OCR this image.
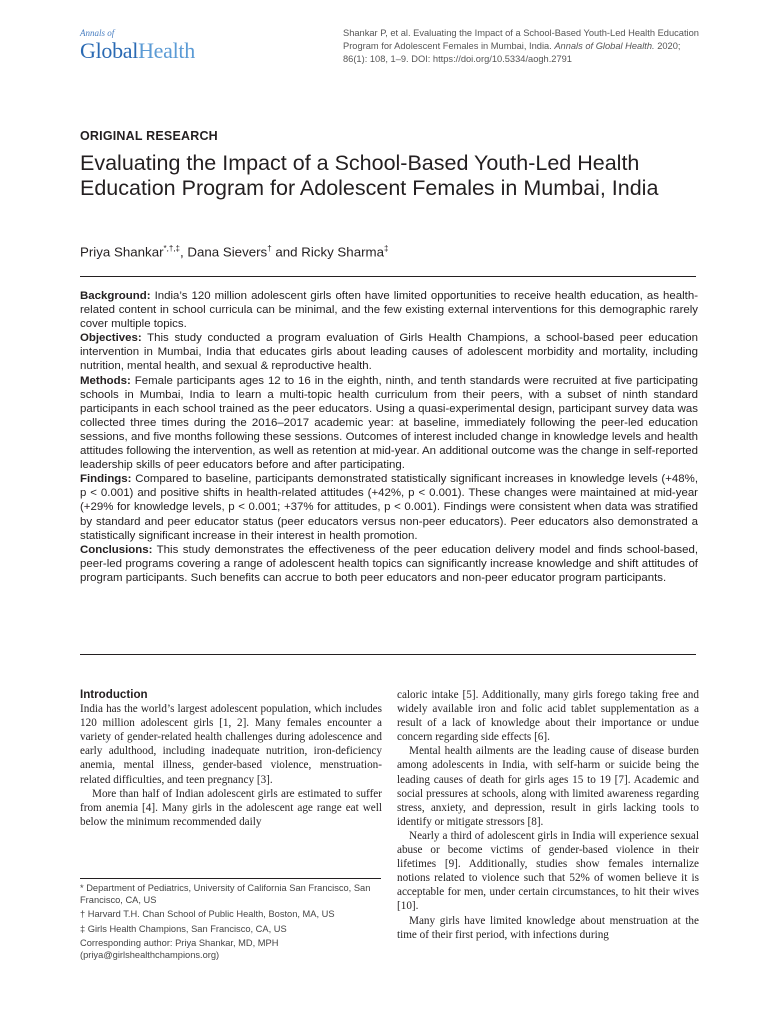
Annals of
GlobalHealth
Shankar P, et al. Evaluating the Impact of a School-Based Youth-Led Health Education Program for Adolescent Females in Mumbai, India. Annals of Global Health. 2020; 86(1): 108, 1–9. DOI: https://doi.org/10.5334/aogh.2791
ORIGINAL RESEARCH
Evaluating the Impact of a School-Based Youth-Led Health Education Program for Adolescent Females in Mumbai, India
Priya Shankar*,†,‡, Dana Sievers† and Ricky Sharma‡

Background: India’s 120 million adolescent girls often have limited opportunities to receive health education, as health-related content in school curricula can be minimal, and the few existing external interventions for this demographic rarely cover multiple topics.

Objectives: This study conducted a program evaluation of Girls Health Champions, a school-based peer education intervention in Mumbai, India that educates girls about leading causes of adolescent morbidity and mortality, including nutrition, mental health, and sexual & reproductive health.

Methods: Female participants ages 12 to 16 in the eighth, ninth, and tenth standards were recruited at five participating schools in Mumbai, India to learn a multi-topic health curriculum from their peers, with a subset of ninth standard participants in each school trained as the peer educators. Using a quasi-experimental design, participant survey data was collected three times during the 2016–2017 academic year: at baseline, immediately following the peer-led education sessions, and five months following these sessions. Outcomes of interest included change in knowledge levels and health attitudes following the intervention, as well as retention at mid-year. An additional outcome was the change in self-reported leadership skills of peer educators before and after participating.

Findings: Compared to baseline, participants demonstrated statistically significant increases in knowledge levels (+48%, p < 0.001) and positive shifts in health-related attitudes (+42%, p < 0.001). These changes were maintained at mid-year (+29% for knowledge levels, p < 0.001; +37% for attitudes, p < 0.001). Findings were consistent when data was stratified by standard and peer educator status (peer educators versus non-peer educators). Peer educators also demonstrated a statistically significant increase in their interest in health promotion.

Conclusions: This study demonstrates the effectiveness of the peer education delivery model and finds school-based, peer-led programs covering a range of adolescent health topics can significantly increase knowledge and shift attitudes of program participants. Such benefits can accrue to both peer educators and non-peer educator program participants.

Introduction

India has the world’s largest adolescent population, which includes 120 million adolescent girls [1, 2]. Many females encounter a variety of gender-related health challenges during adolescence and early adulthood, including inadequate nutrition, iron-deficiency anemia, mental illness, gender-based violence, menstruation-related difficulties, and teen pregnancy [3].

More than half of Indian adolescent girls are estimated to suffer from anemia [4]. Many girls in the adolescent age range eat well below the minimum recommended daily

caloric intake [5]. Additionally, many girls forego taking free and widely available iron and folic acid tablet supplementation as a result of a lack of knowledge about their importance or undue concern regarding side effects [6].

Mental health ailments are the leading cause of disease burden among adolescents in India, with self-harm or suicide being the leading causes of death for girls ages 15 to 19 [7]. Academic and social pressures at schools, along with limited awareness regarding stress, anxiety, and depression, result in girls lacking tools to identify or mitigate stressors [8].

Nearly a third of adolescent girls in India will experience sexual abuse or become victims of gender-based violence in their lifetimes [9]. Additionally, studies show females internalize notions related to violence such that 52% of women believe it is acceptable for men, under certain circumstances, to hit their wives [10].

Many girls have limited knowledge about menstruation at the time of their first period, with infections during

* Department of Pediatrics, University of California San Francisco, San Francisco, CA, US

† Harvard T.H. Chan School of Public Health, Boston, MA, US

‡ Girls Health Champions, San Francisco, CA, US

Corresponding author: Priya Shankar, MD, MPH (priya@girlshealthchampions.org)
